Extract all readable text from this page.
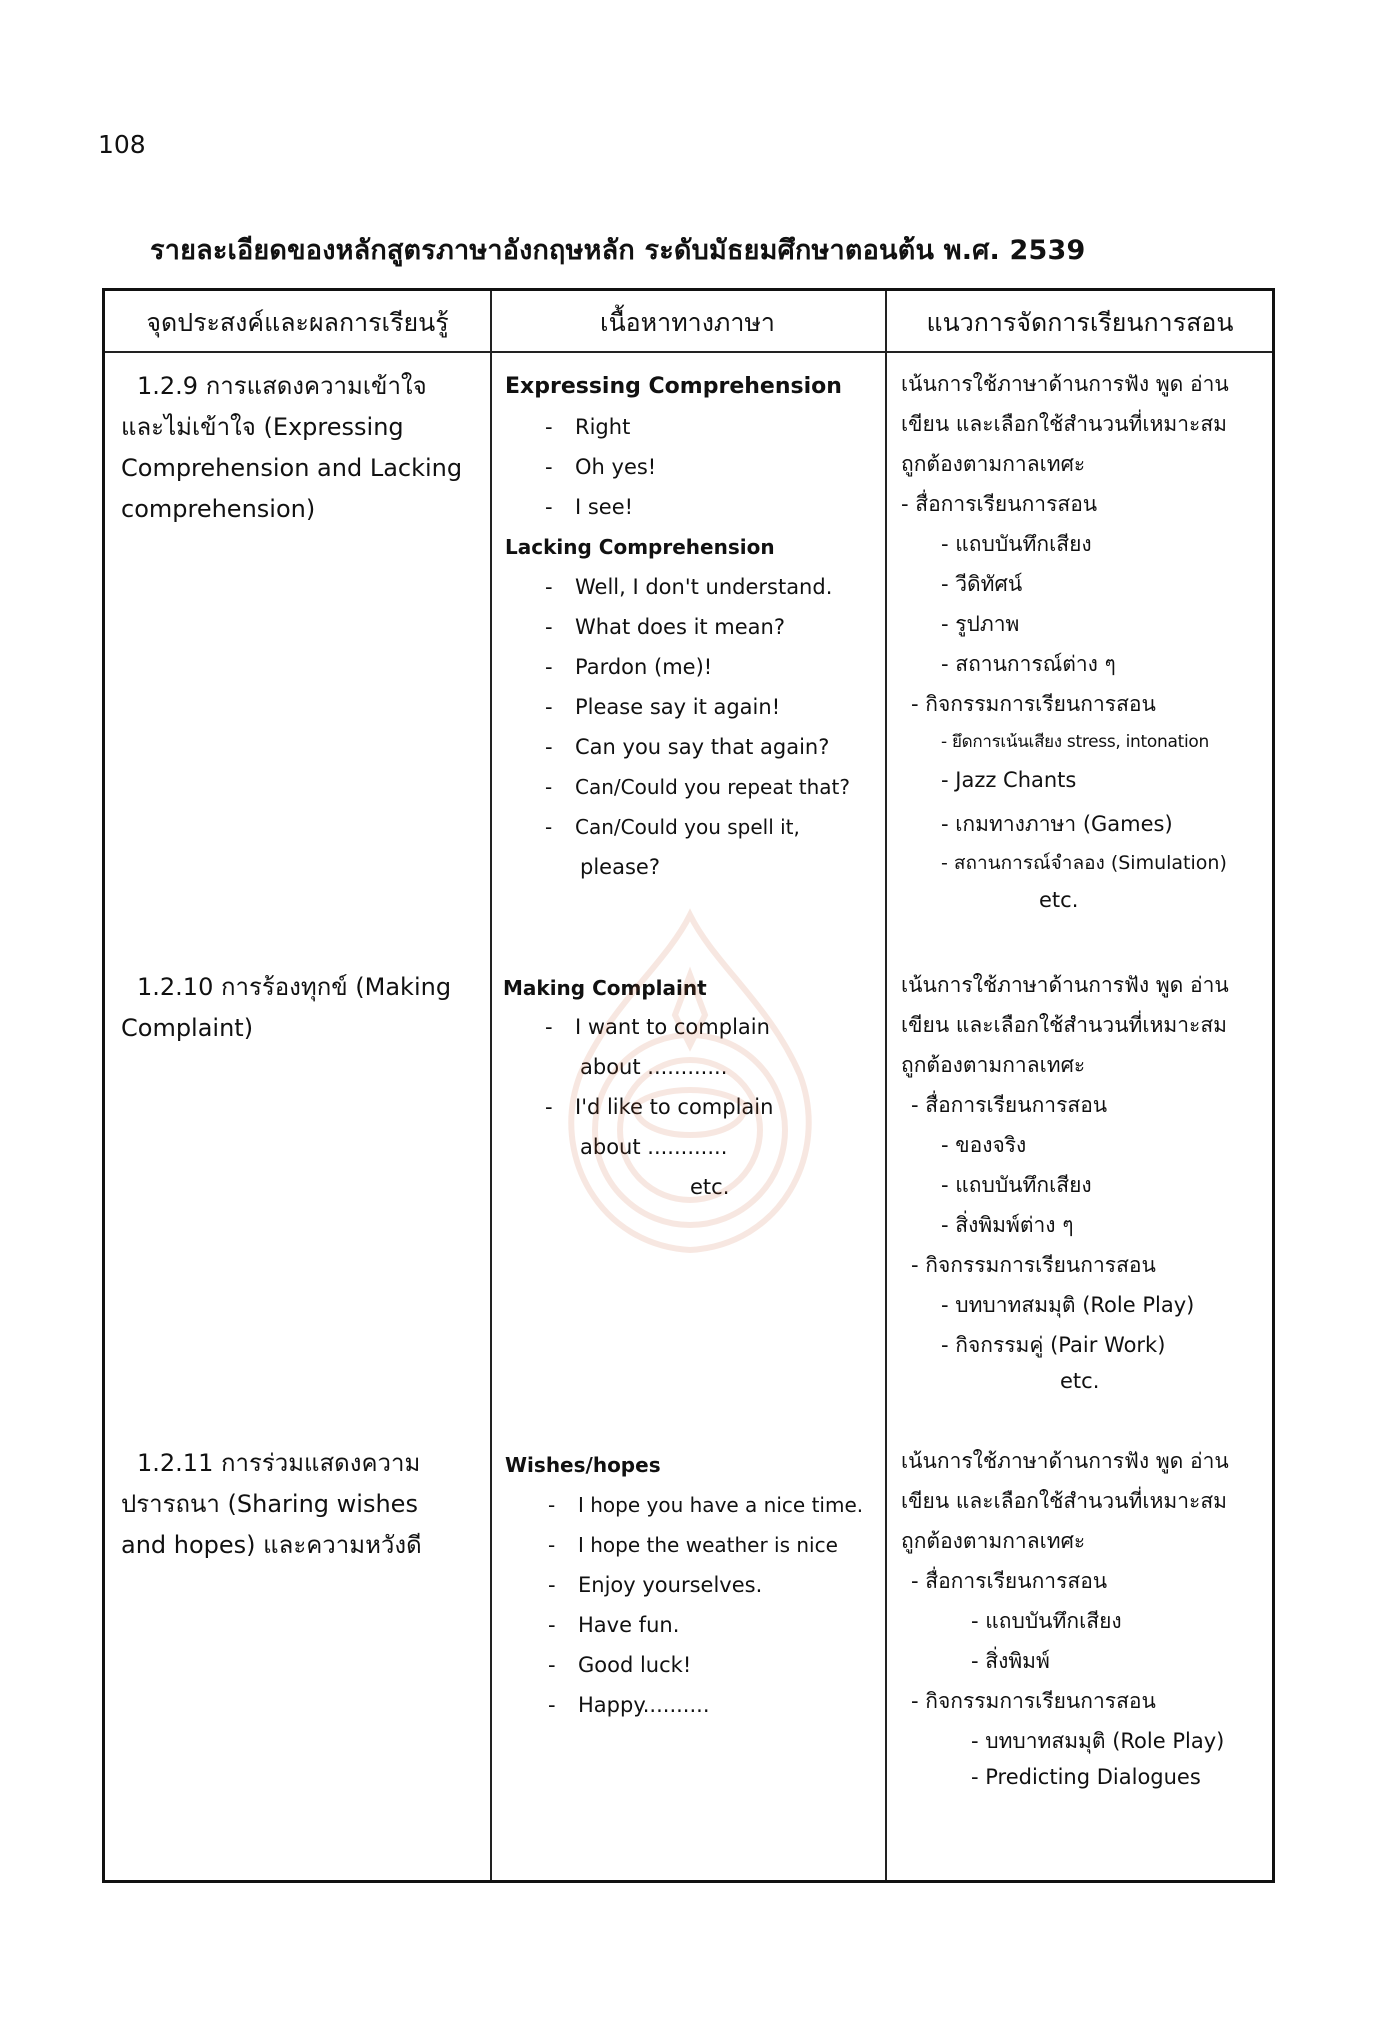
108
รายละเอียดของหลักสูตรภาษาอังกฤษหลัก ระดับมัธยมศึกษาตอนต้น พ.ศ. 2539
จุดประสงค์และผลการเรียนรู้	เนื้อหาทางภาษา	แนวการจัดการเรียนการสอน
1.2.9 การแสดงความเข้าใจ
และไม่เข้าใจ (Expressing
Comprehension and Lacking
comprehension)
Expressing Comprehension
- Right
- Oh yes!
- I see!
Lacking Comprehension
- Well, I don't understand.
- What does it mean?
- Pardon (me)!
- Please say it again!
- Can you say that again?
- Can/Could you repeat that?
- Can/Could you spell it,
please?
เน้นการใช้ภาษาด้านการฟัง พูด อ่าน
เขียน และเลือกใช้สำนวนที่เหมาะสม
ถูกต้องตามกาลเทศะ
- สื่อการเรียนการสอน
- แถบบันทึกเสียง
- วีดิทัศน์
- รูปภาพ
- สถานการณ์ต่าง ๆ
- กิจกรรมการเรียนการสอน
- ยึดการเน้นเสียง stress, intonation
- Jazz Chants
- เกมทางภาษา (Games)
- สถานการณ์จำลอง (Simulation)
etc.
1.2.10 การร้องทุกข์ (Making
Complaint)
Making Complaint
- I want to complain
about ............
- I'd like to complain
about ............
etc.
เน้นการใช้ภาษาด้านการฟัง พูด อ่าน
เขียน และเลือกใช้สำนวนที่เหมาะสม
ถูกต้องตามกาลเทศะ
- สื่อการเรียนการสอน
- ของจริง
- แถบบันทึกเสียง
- สิ่งพิมพ์ต่าง ๆ
- กิจกรรมการเรียนการสอน
- บทบาทสมมุติ (Role Play)
- กิจกรรมคู่ (Pair Work)
etc.
1.2.11 การร่วมแสดงความ
ปรารถนา (Sharing wishes
and hopes) และความหวังดี
Wishes/hopes
- I hope you have a nice time.
- I hope the weather is nice
- Enjoy yourselves.
- Have fun.
- Good luck!
- Happy..........
เน้นการใช้ภาษาด้านการฟัง พูด อ่าน
เขียน และเลือกใช้สำนวนที่เหมาะสม
ถูกต้องตามกาลเทศะ
- สื่อการเรียนการสอน
- แถบบันทึกเสียง
- สิ่งพิมพ์
- กิจกรรมการเรียนการสอน
- บทบาทสมมุติ (Role Play)
- Predicting Dialogues
